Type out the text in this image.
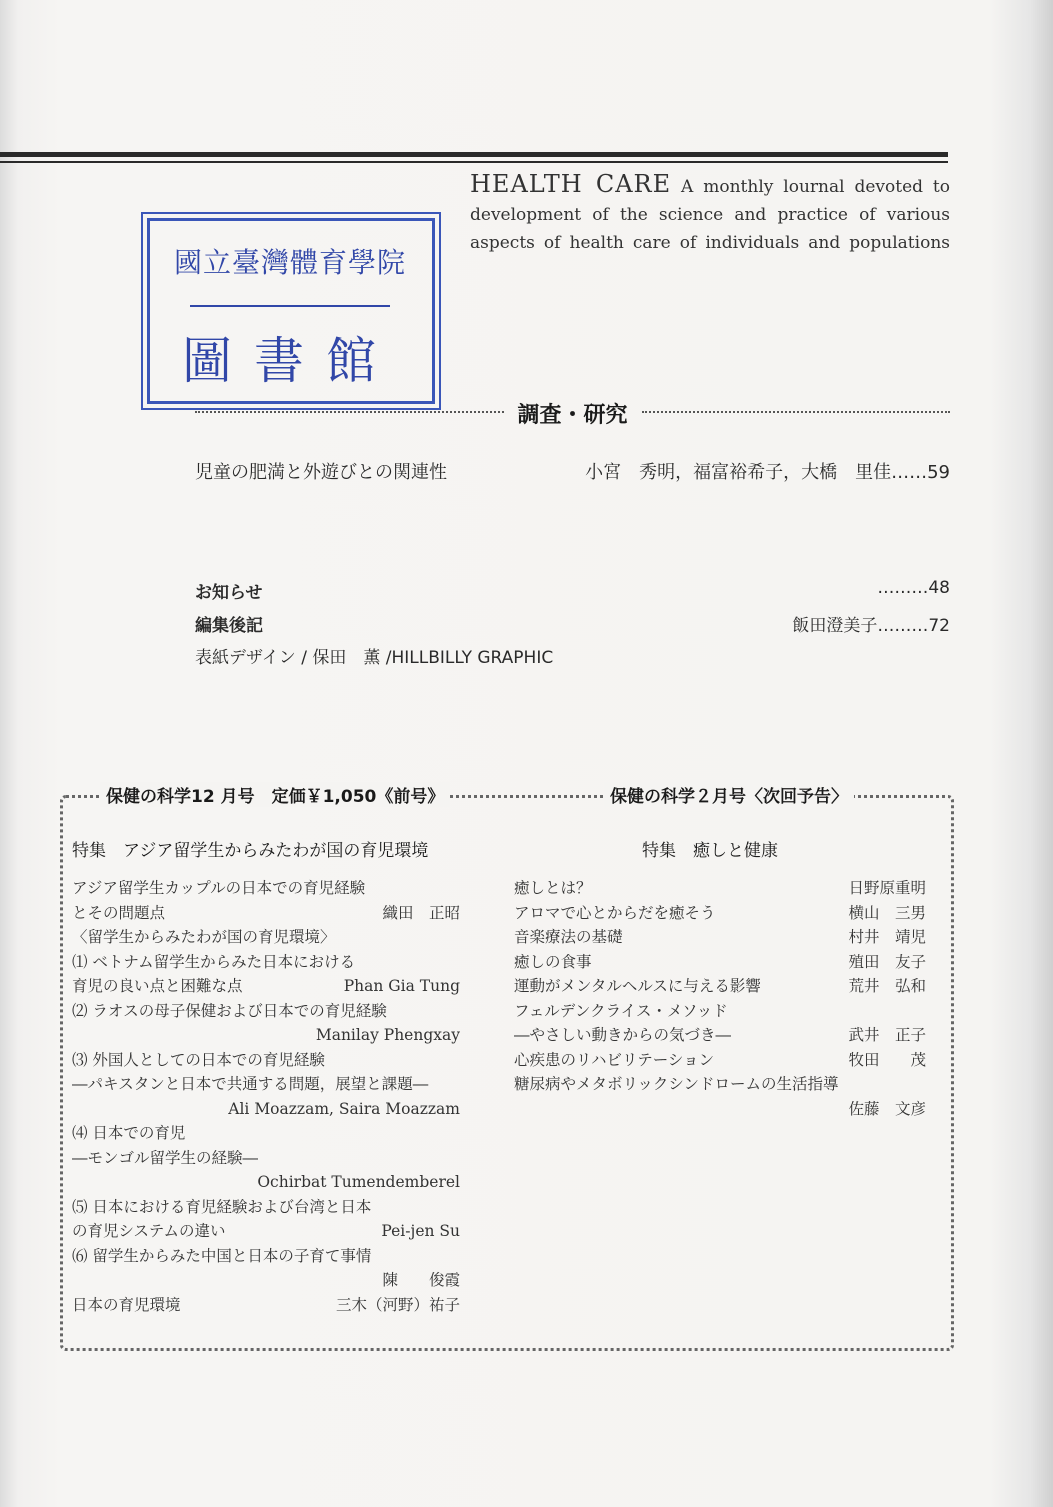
HEALTH CARE A monthly lournal devoted to
development of the science and practice of various
aspects of health care of individuals and populations
國立臺灣體育學院
圖書館
調査・研究
児童の肥満と外遊びとの関連性	小宮　秀明，福富裕希子，大橋　里佳……59
お知らせ	………48
編集後記	飯田澄美子………72
表紙デザイン / 保田　薫 /HILLBILLY GRAPHIC
保健の科学12 月号　定価￥1,050《前号》	保健の科学２月号〈次回予告〉
特集　アジア留学生からみたわが国の育児環境	特集　癒しと健康
アジア留学生カップルの日本での育児経験
とその問題点	織田　正昭
〈留学生からみたわが国の育児環境〉
⑴ ベトナム留学生からみた日本における
育児の良い点と困難な点	Phan Gia Tung
⑵ ラオスの母子保健および日本での育児経験
Manilay Phengxay
⑶ 外国人としての日本での育児経験
―パキスタンと日本で共通する問題，展望と課題―
Ali Moazzam, Saira Moazzam
⑷ 日本での育児
―モンゴル留学生の経験―
Ochirbat Tumendemberel
⑸ 日本における育児経験および台湾と日本
の育児システムの違い	Pei-jen Su
⑹ 留学生からみた中国と日本の子育て事情
陳　　俊霞
日本の育児環境	三木（河野）祐子
癒しとは？	日野原重明
アロマで心とからだを癒そう	横山　三男
音楽療法の基礎	村井　靖児
癒しの食事	殖田　友子
運動がメンタルヘルスに与える影響	荒井　弘和
フェルデンクライス・メソッド
―やさしい動きからの気づき―	武井　正子
心疾患のリハビリテーション	牧田　　茂
糖尿病やメタボリックシンドロームの生活指導
佐藤　文彦
